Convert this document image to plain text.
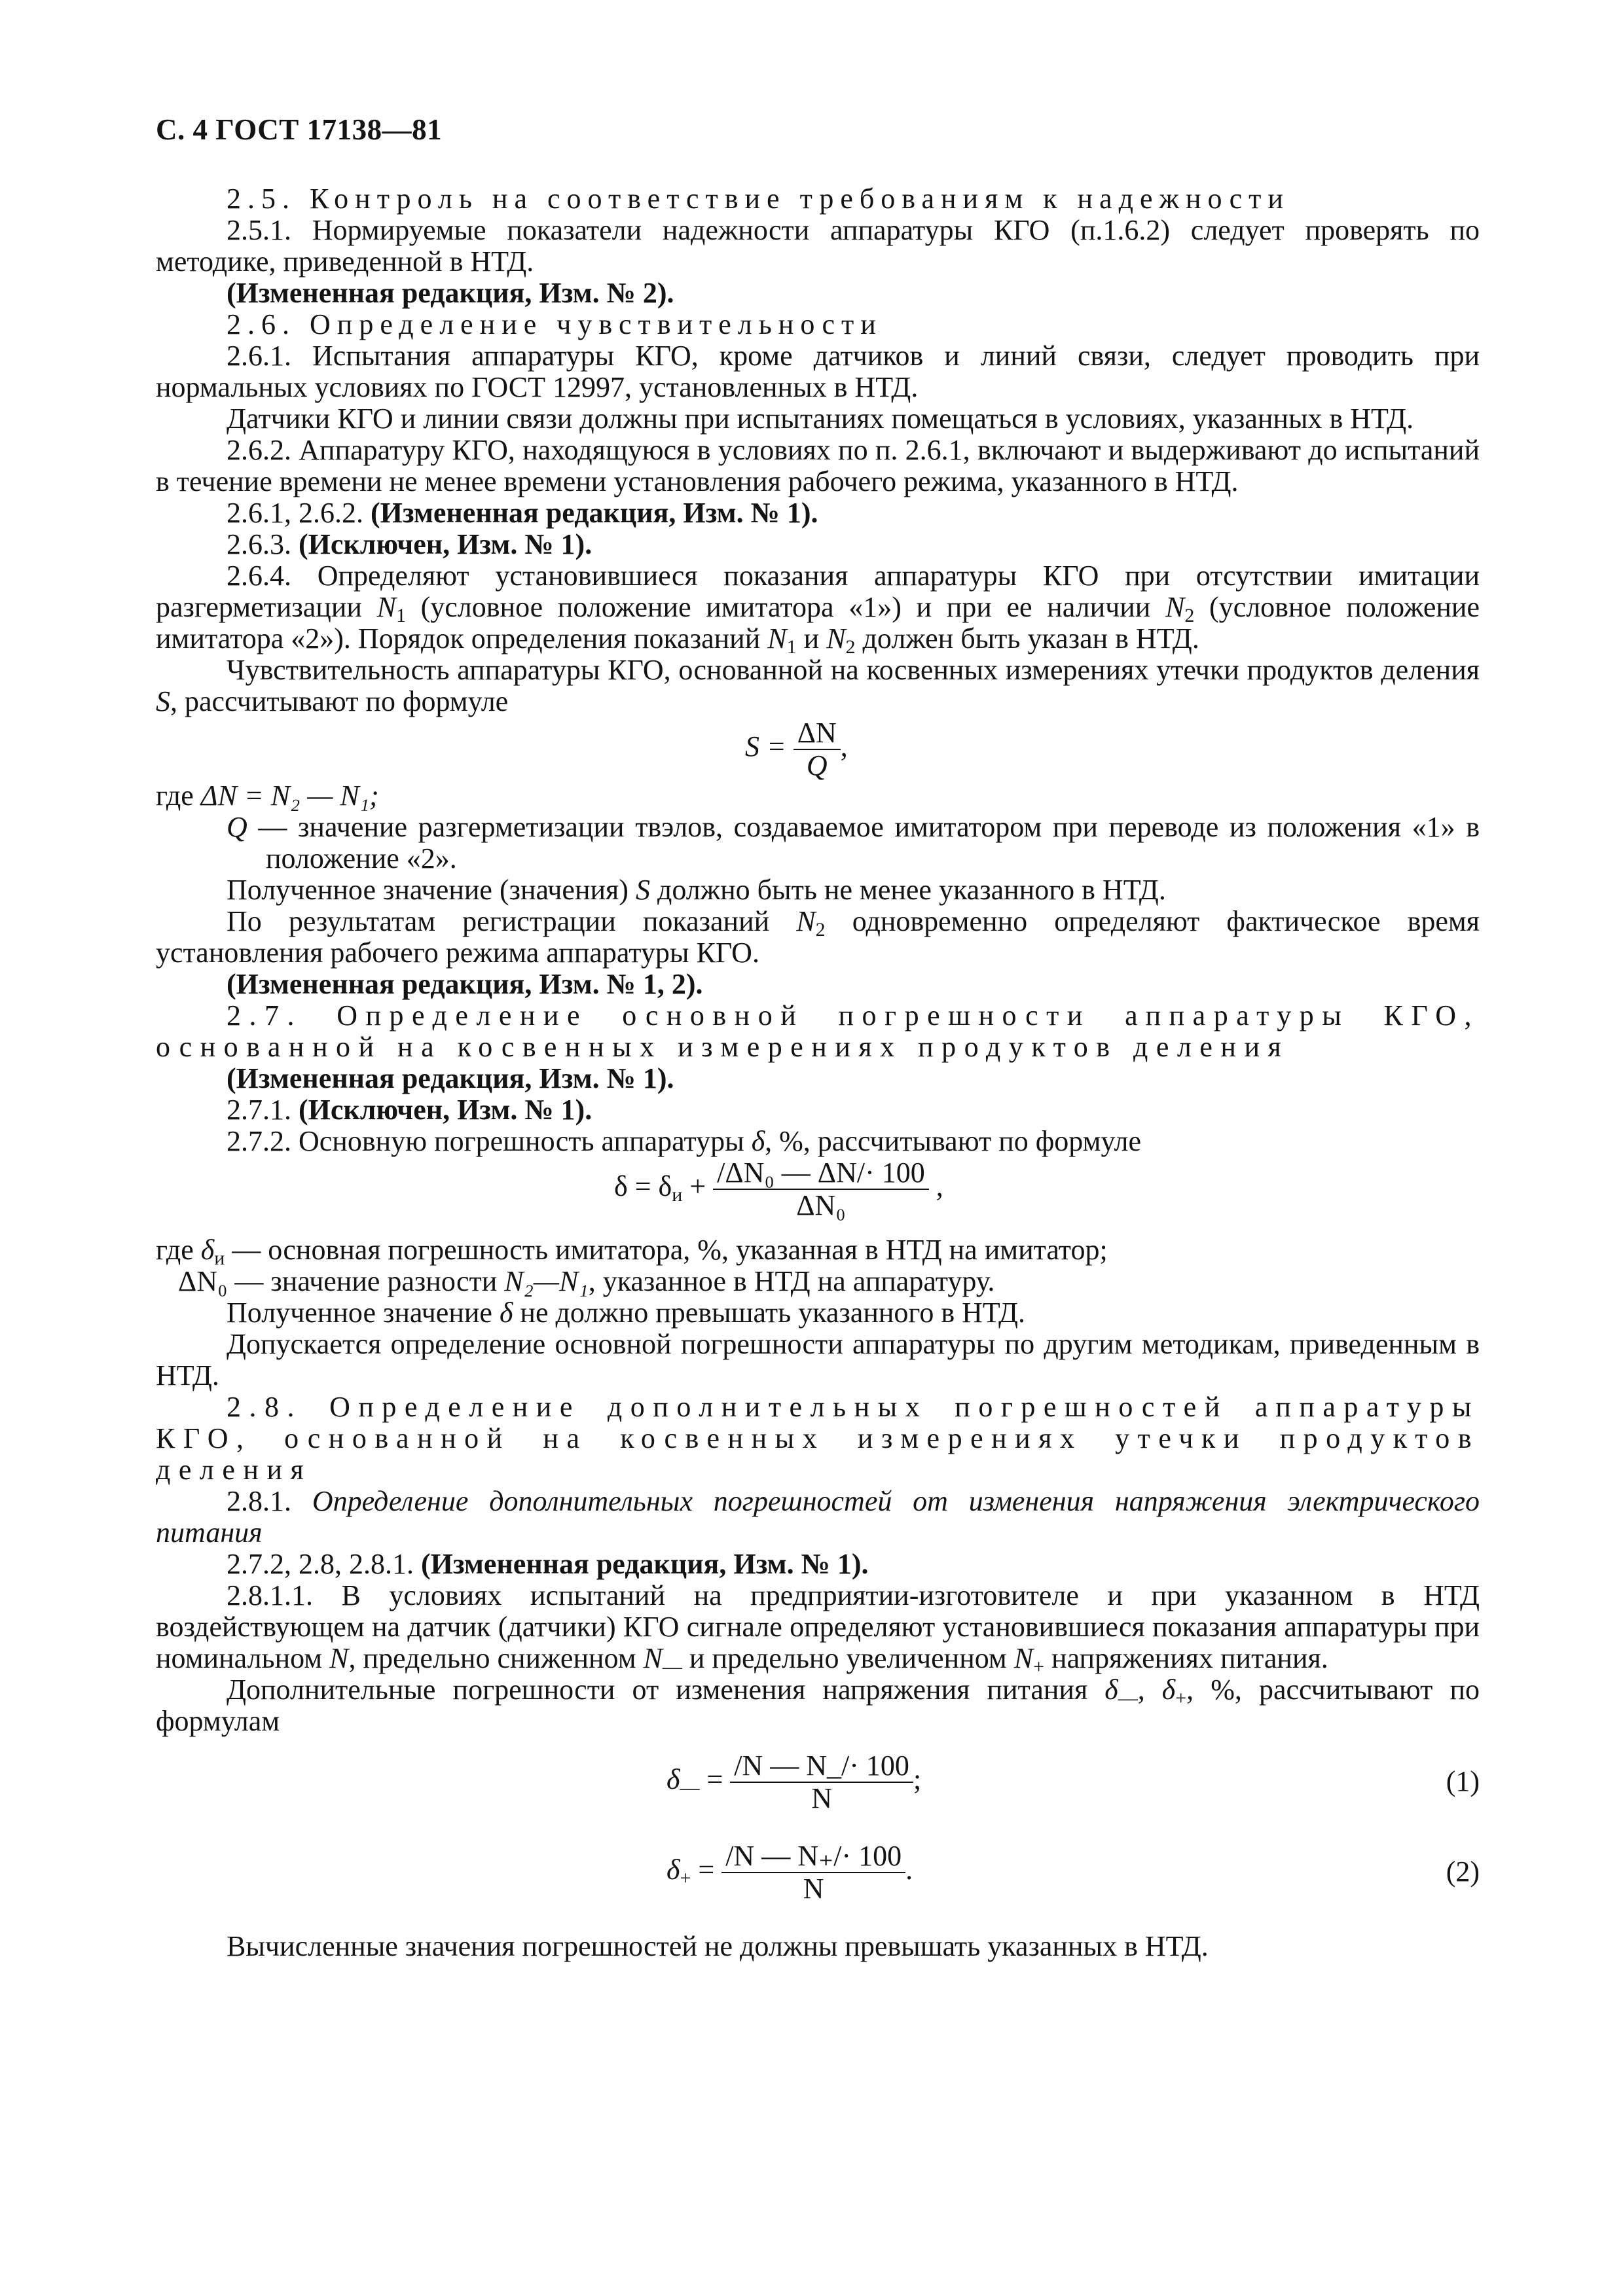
С. 4 ГОСТ 17138—81

2.5. Контроль на соответствие требованиям к надежности

2.5.1. Нормируемые показатели надежности аппаратуры КГО (п.1.6.2) следует проверять по методике, приведенной в НТД.

(Измененная редакция, Изм. № 2).

2.6. Определение чувствительности

2.6.1. Испытания аппаратуры КГО, кроме датчиков и линий связи, следует проводить при нормальных условиях по ГОСТ 12997, установленных в НТД.

Датчики КГО и линии связи должны при испытаниях помещаться в условиях, указанных в НТД.

2.6.2. Аппаратуру КГО, находящуюся в условиях по п. 2.6.1, включают и выдерживают до испытаний в течение времени не менее времени установления рабочего режима, указанного в НТД.

2.6.1, 2.6.2. (Измененная редакция, Изм. № 1).

2.6.3. (Исключен, Изм. № 1).

2.6.4. Определяют установившиеся показания аппаратуры КГО при отсутствии имитации разгерметизации $N_1$ (условное положение имитатора «1») и при ее наличии $N_2$ (условное положение имитатора «2»). Порядок определения показаний $N_1$ и $N_2$ должен быть указан в НТД.

Чувствительность аппаратуры КГО, основанной на косвенных измерениях утечки продуктов деления S, рассчитывают по формуле

$S = \frac{\Delta N}{Q}$ ,

где ΔN = N₂ — N₁;

Q — значение разгерметизации твэлов, создаваемое имитатором при переводе из положения «1» в положение «2».

Полученное значение (значения) S должно быть не менее указанного в НТД.

По результатам регистрации показаний $N_2$ одновременно определяют фактическое время установления рабочего режима аппаратуры КГО.

(Измененная редакция, Изм. № 1, 2).

2.7. Определение основной погрешности аппаратуры КГО, основанной на косвенных измерениях продуктов деления

(Измененная редакция, Изм. № 1).

2.7.1. (Исключен, Изм. № 1).

2.7.2. Основную погрешность аппаратуры δ, %, рассчитывают по формуле

$\delta = \delta_и + \frac{\text{/ΔN₀ — ΔN/· 100}}{\text{ΔN₀}}$ ,

где $\delta_и$ — основная погрешность имитатора, %, указанная в НТД на имитатор;

ΔN₀ — значение разности N₂—N₁, указанное в НТД на аппаратуру.

Полученное значение δ не должно превышать указанного в НТД.

Допускается определение основной погрешности аппаратуры по другим методикам, приведенным в НТД.

2.8. Определение дополнительных погрешностей аппаратуры КГО, основанной на косвенных измерениях утечки продуктов деления

2.8.1. Определение дополнительных погрешностей от изменения напряжения электрического питания

2.7.2, 2.8, 2.8.1. (Измененная редакция, Изм. № 1).

2.8.1.1. В условиях испытаний на предприятии-изготовителе и при указанном в НТД воздействующем на датчик (датчики) КГО сигнале определяют установившиеся показания аппаратуры при номинальном N, предельно сниженном $N_—$ и предельно увеличенном $N_+$ напряжениях питания.

Дополнительные погрешности от изменения напряжения питания $\delta_—$, $\delta_+$, %, рассчитывают по формулам

$\delta_— = \frac{/N — N\_/\cdot 100}{N}$ ;	(1)
$\delta_+ = \frac{/N — N_+/\cdot 100}{N}$ .	(2)

Вычисленные значения погрешностей не должны превышать указанных в НТД.
